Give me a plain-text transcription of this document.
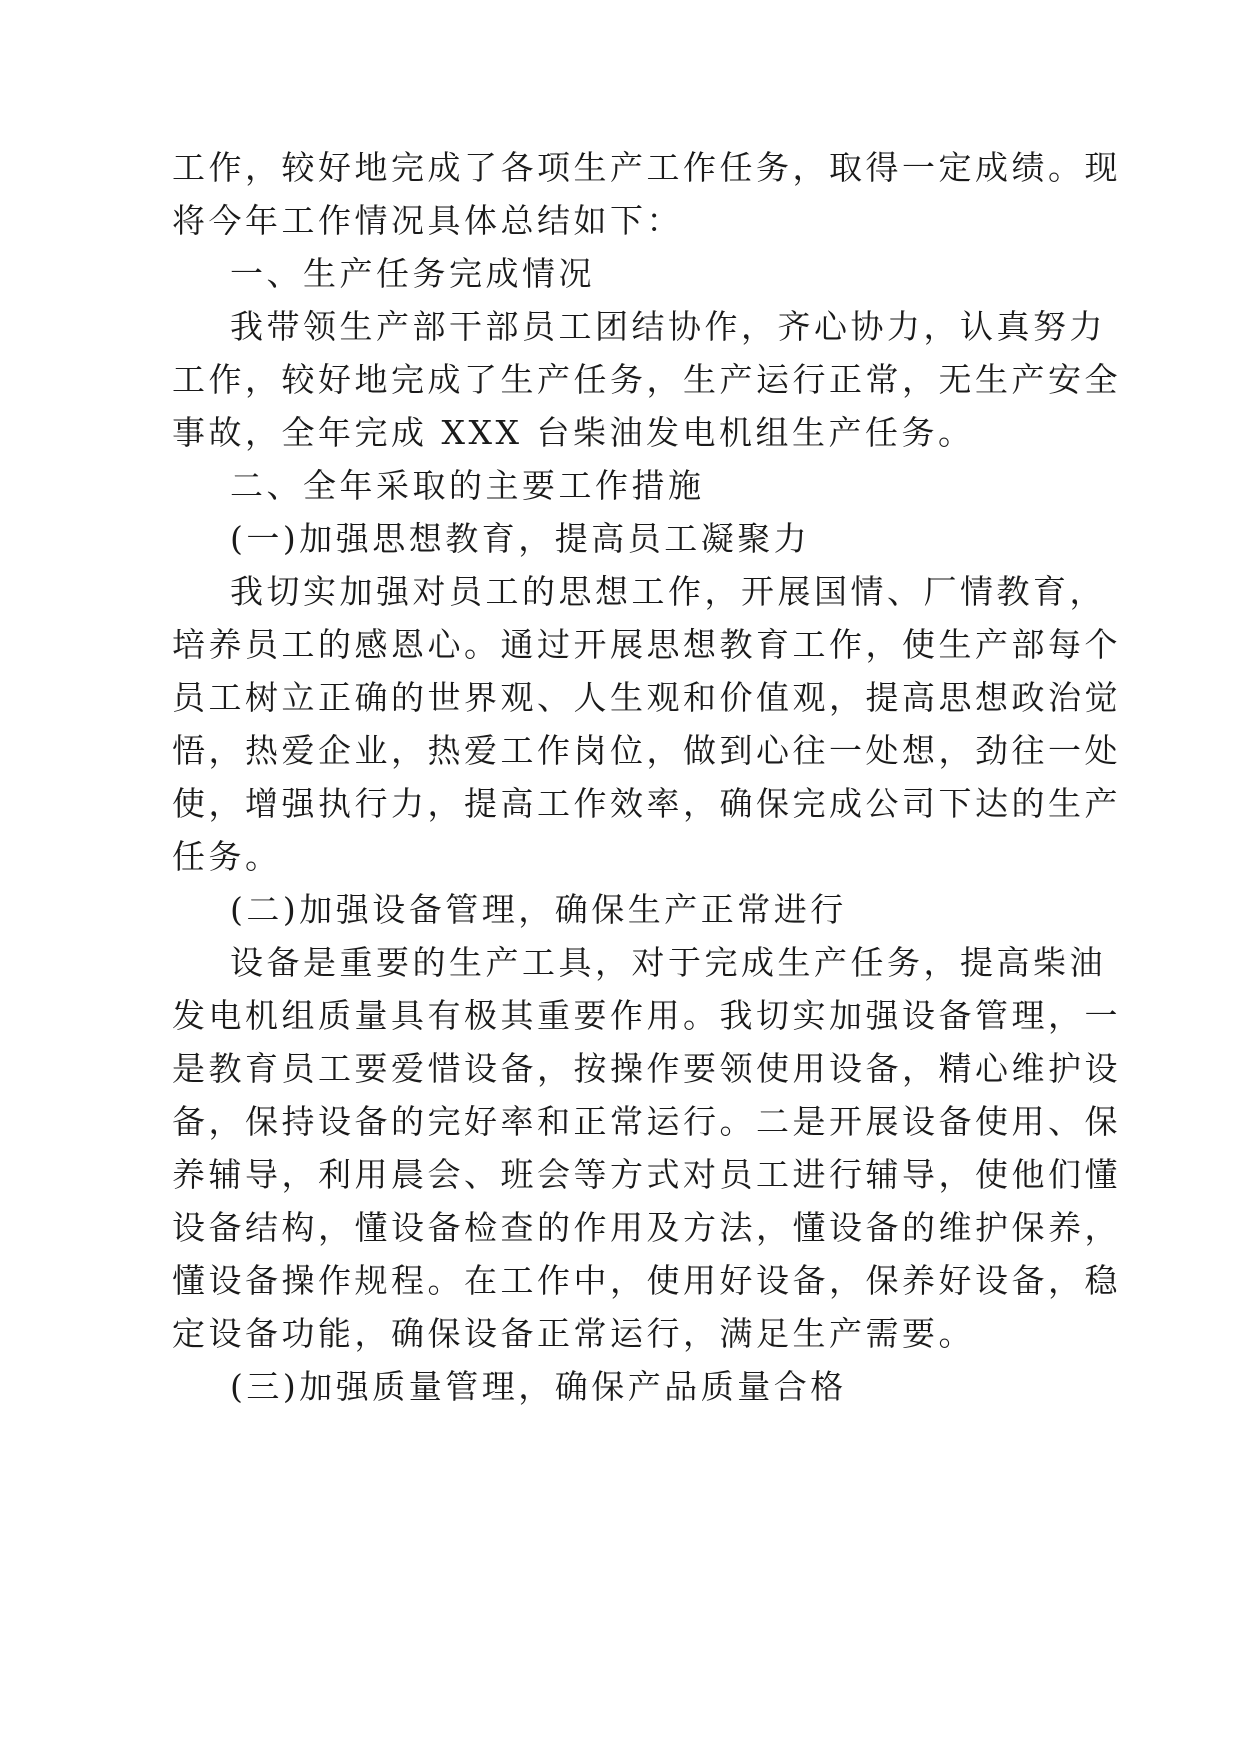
工作，较好地完成了各项生产工作任务，取得一定成绩。现
将今年工作情况具体总结如下：
一、生产任务完成情况
我带领生产部干部员工团结协作，齐心协力，认真努力
工作，较好地完成了生产任务，生产运行正常，无生产安全
事故，全年完成 XXX 台柴油发电机组生产任务。
二、全年采取的主要工作措施
(一)加强思想教育，提高员工凝聚力
我切实加强对员工的思想工作，开展国情、厂情教育，
培养员工的感恩心。通过开展思想教育工作，使生产部每个
员工树立正确的世界观、人生观和价值观，提高思想政治觉
悟，热爱企业，热爱工作岗位，做到心往一处想，劲往一处
使，增强执行力，提高工作效率，确保完成公司下达的生产
任务。
(二)加强设备管理，确保生产正常进行
设备是重要的生产工具，对于完成生产任务，提高柴油
发电机组质量具有极其重要作用。我切实加强设备管理，一
是教育员工要爱惜设备，按操作要领使用设备，精心维护设
备，保持设备的完好率和正常运行。二是开展设备使用、保
养辅导，利用晨会、班会等方式对员工进行辅导，使他们懂
设备结构，懂设备检查的作用及方法，懂设备的维护保养，
懂设备操作规程。在工作中，使用好设备，保养好设备，稳
定设备功能，确保设备正常运行，满足生产需要。
(三)加强质量管理，确保产品质量合格
